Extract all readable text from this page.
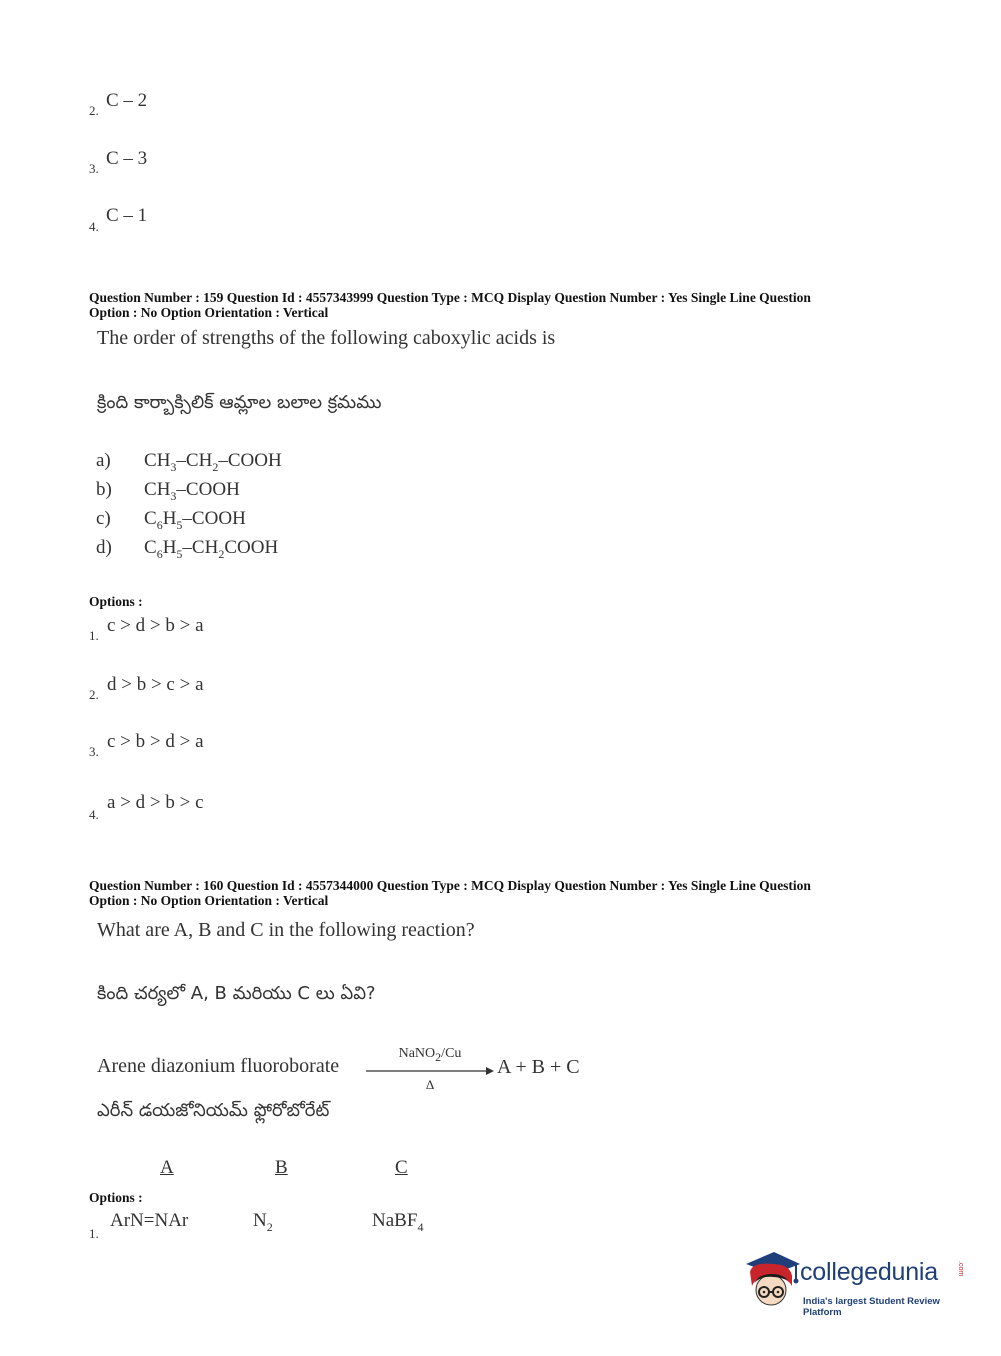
2. C – 2
3. C – 3
4.
C – 1
Question Number : 159 Question Id : 4557343999 Question Type : MCQ Display Question Number : Yes Single Line Question
Option : No Option Orientation : Vertical
The order of strengths of the following caboxylic acids is
క్రింది కార్బాక్సిలిక్ ఆమ్లాల బలాల క్రమము
a) $CH_3-CH_2$–COOH
b) $CH_3$–COOH
c) $C_6H_5$–COOH
d) $C_6H_5-CH_2COOH$
Options :
1. c > d > b > a
2. d > b > c > a
3. c > b > d > a
4.
a > d > b > c
Question Number : 160 Question Id : 4557344000 Question Type : MCQ Display Question Number : Yes Single Line Question
Option : No Option Orientation : Vertical
What are A, B and C in the following reaction?
కింది చర్యలో A, B మరియు C లు ఏవి?
Arene diazonium fluoroborate
NaNO$_2$/Cu
Δ
A + B + C
ఎరీన్ డయజోనియమ్ ఫ్లోరోబోరేట్
A	B	C
Options :
1.
ArN=NAr	$N_2$	NaBF$_4$
collegedunia	.com
India's largest Student Review Platform
